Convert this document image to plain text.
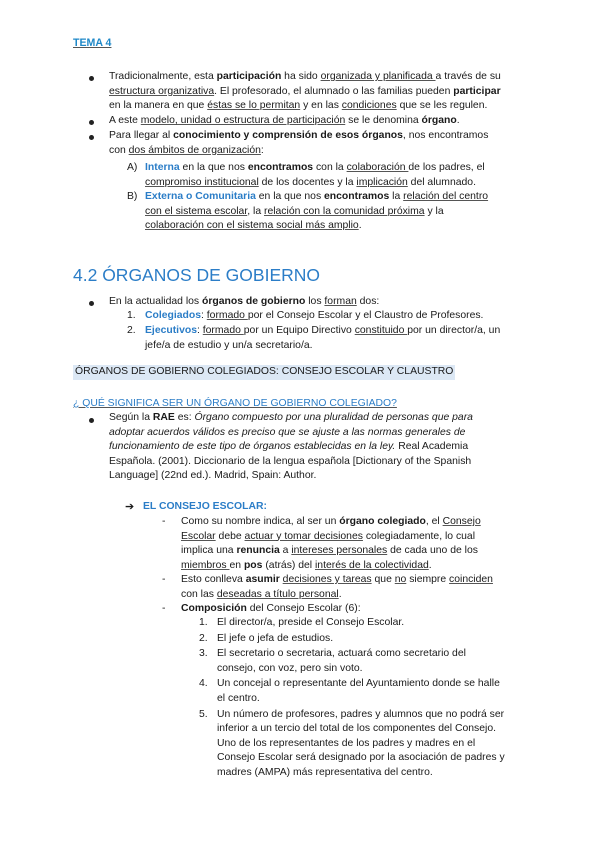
TEMA 4
Tradicionalmente, esta participación ha sido organizada y planificada a través de su
estructura organizativa. El profesorado, el alumnado o las familias pueden participar
en la manera en que éstas se lo permitan y en las condiciones que se les regulen.
A este modelo, unidad o estructura de participación se le denomina órgano.
Para llegar al conocimiento y comprensión de esos órganos, nos encontramos
con dos ámbitos de organización:
A) Interna en la que nos encontramos con la colaboración de los padres, el
compromiso institucional de los docentes y la implicación del alumnado.
B) Externa o Comunitaria en la que nos encontramos la relación del centro
con el sistema escolar, la relación con la comunidad próxima y la
colaboración con el sistema social más amplio.
4.2 ÓRGANOS DE GOBIERNO
En la actualidad los órganos de gobierno los forman dos:
1. Colegiados: formado por el Consejo Escolar y el Claustro de Profesores.
2. Ejecutivos: formado por un Equipo Directivo constituido por un director/a, un
jefe/a de estudio y un/a secretario/a.
ÓRGANOS DE GOBIERNO COLEGIADOS: CONSEJO ESCOLAR Y CLAUSTRO
¿ QUÉ SIGNIFICA SER UN ÓRGANO DE GOBIERNO COLEGIADO?
Según la RAE es: Órgano compuesto por una pluralidad de personas que para
adoptar acuerdos válidos es preciso que se ajuste a las normas generales de
funcionamiento de este tipo de órganos establecidas en la ley. Real Academia
Española. (2001). Diccionario de la lengua española [Dictionary of the Spanish
Language] (22nd ed.). Madrid, Spain: Author.
➔ EL CONSEJO ESCOLAR:
- Como su nombre indica, al ser un órgano colegiado, el Consejo
Escolar debe actuar y tomar decisiones colegiadamente, lo cual
implica una renuncia a intereses personales de cada uno de los
miembros en pos (atrás) del interés de la colectividad.
- Esto conlleva asumir decisiones y tareas que no siempre coinciden
con las deseadas a título personal.
- Composición del Consejo Escolar (6):
1. El director/a, preside el Consejo Escolar.
2. El jefe o jefa de estudios.
3. El secretario o secretaria, actuará como secretario del
consejo, con voz, pero sin voto.
4. Un concejal o representante del Ayuntamiento donde se halle
el centro.
5. Un número de profesores, padres y alumnos que no podrá ser
inferior a un tercio del total de los componentes del Consejo.
Uno de los representantes de los padres y madres en el
Consejo Escolar será designado por la asociación de padres y
madres (AMPA) más representativa del centro.
